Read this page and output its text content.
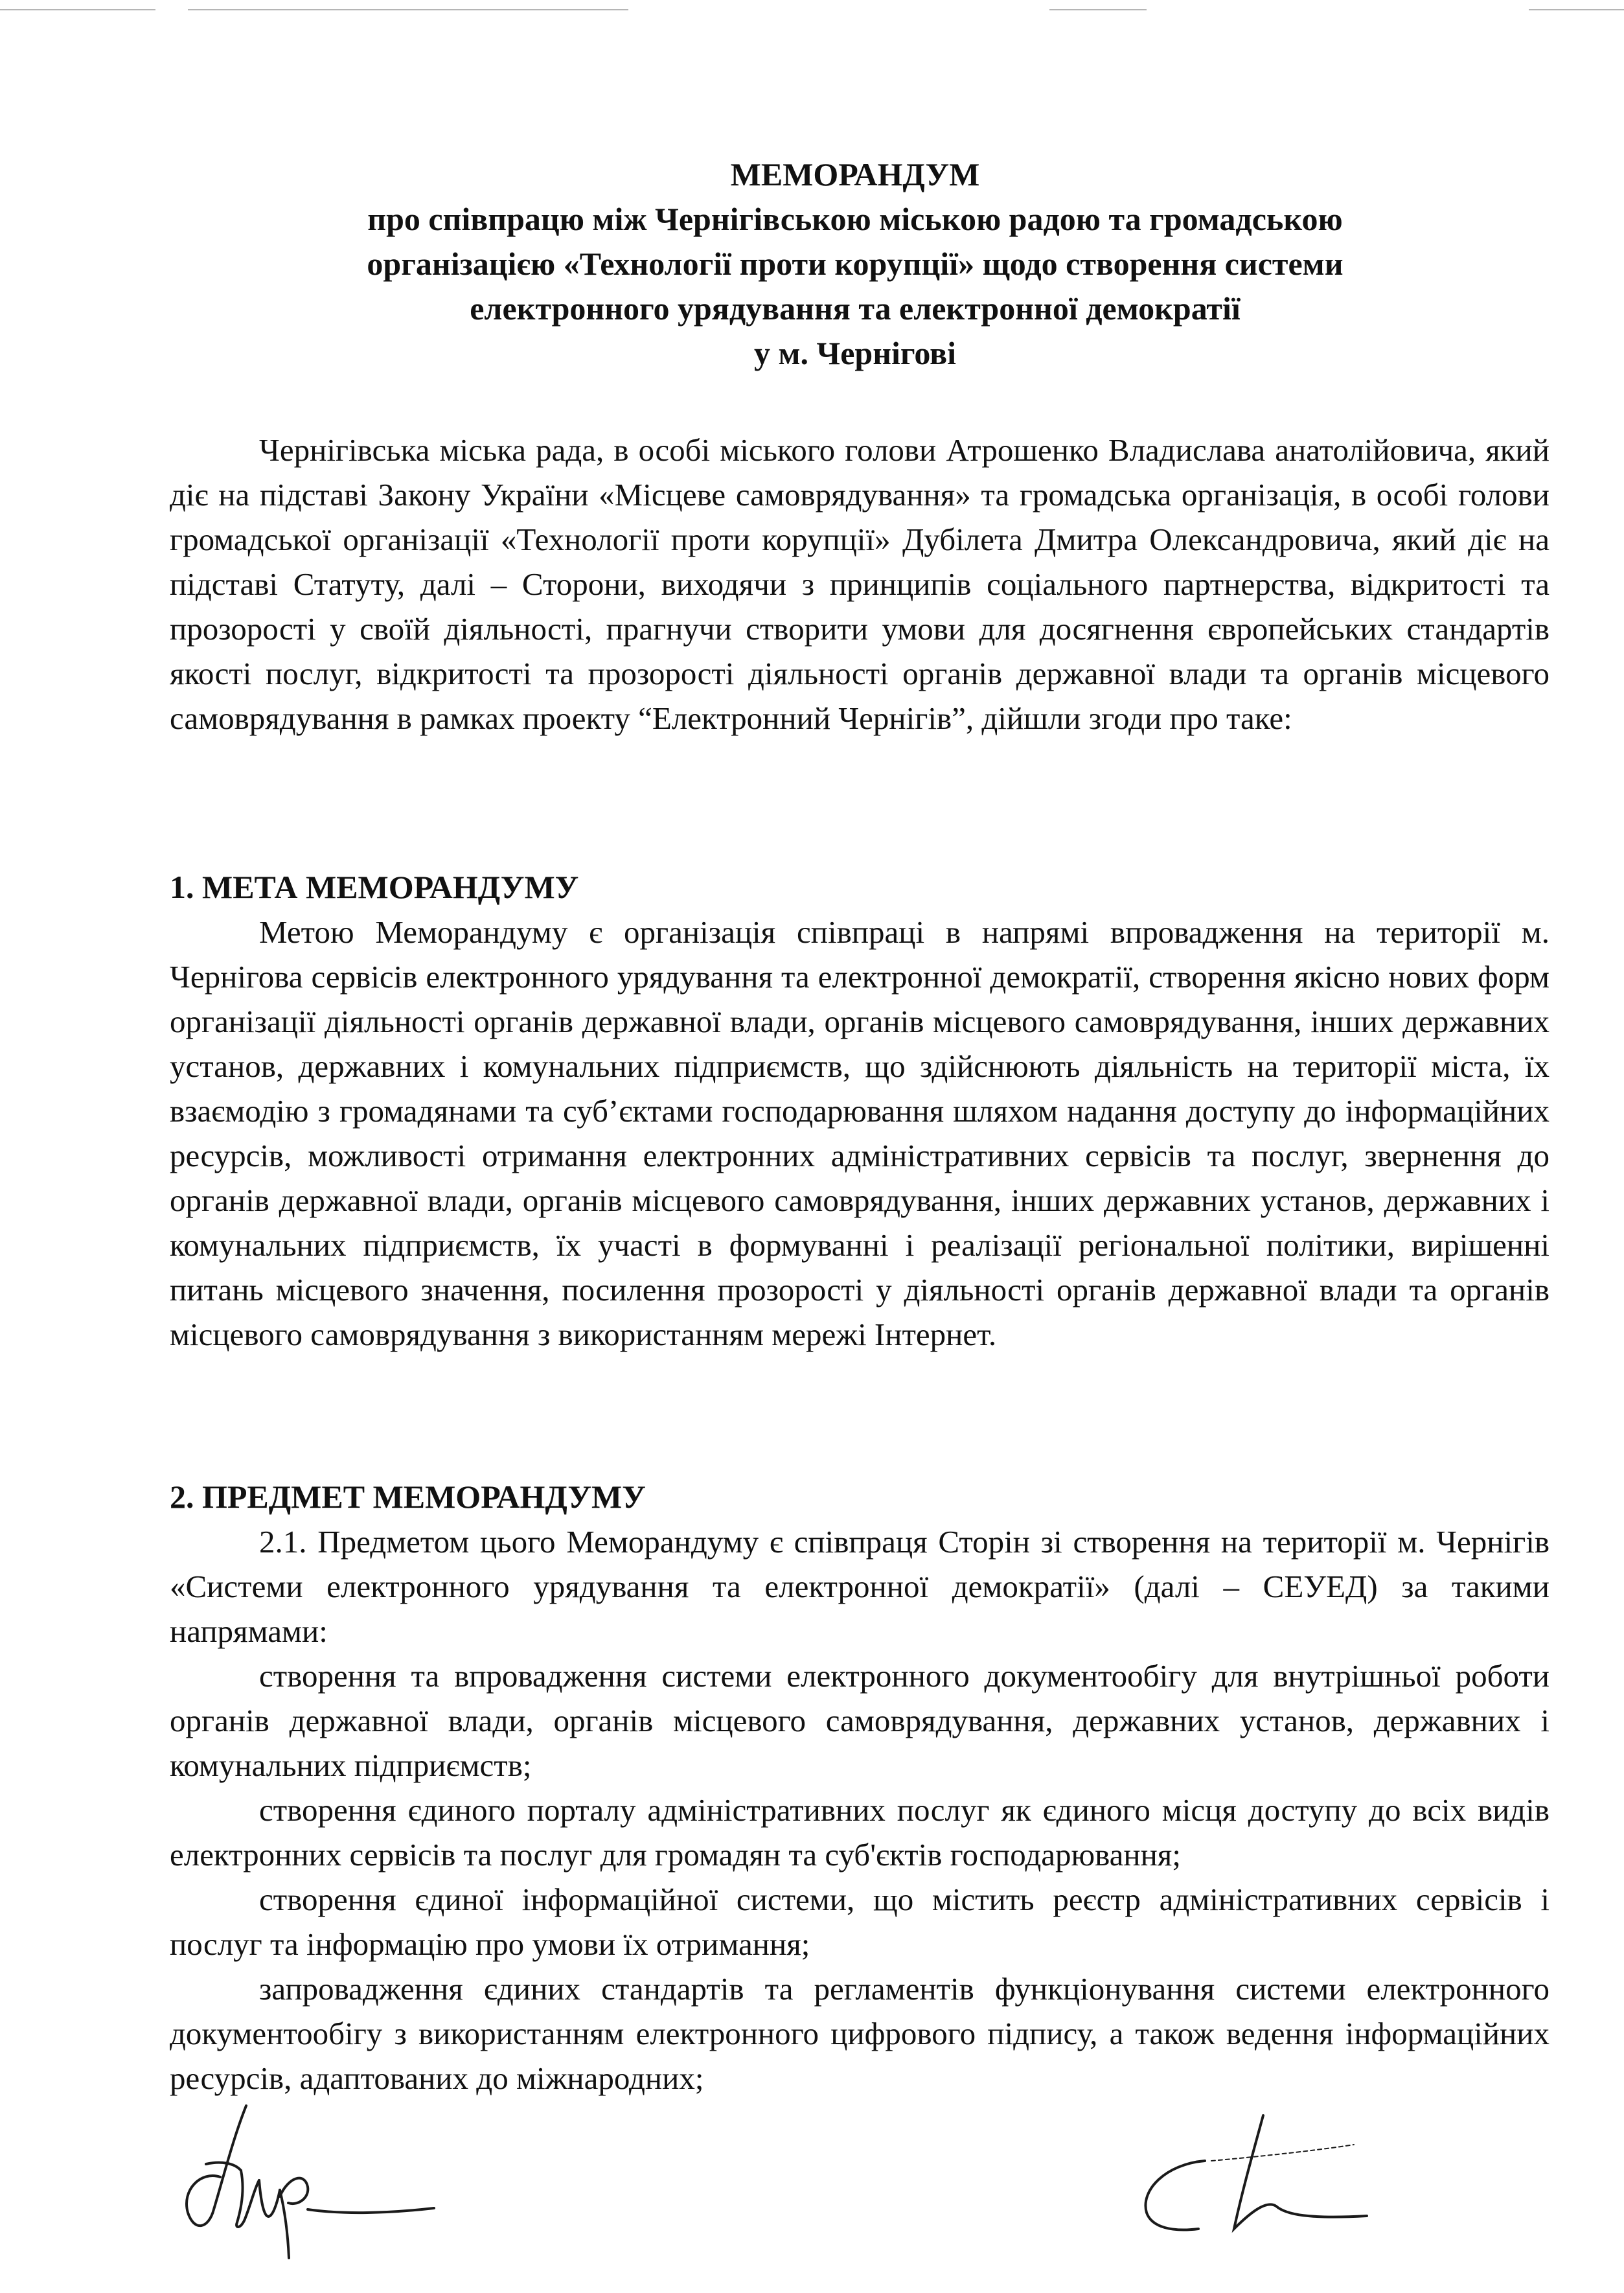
МЕМОРАНДУМ
про співпрацю між Чернігівською міською радою та громадською
організацією «Технології проти корупції» щодо створення системи
електронного урядування та електронної демократії
у м. Чернігові

Чернігівська міська рада, в особі міського голови Атрошенко Владислава анатолійовича, який діє на підставі Закону України «Місцеве самоврядування» та громадська організація, в особі голови громадської організації «Технології проти корупції» Дубілета Дмитра Олександровича, який діє на підставі Статуту, далі – Сторони, виходячи з принципів соціального партнерства, відкритості та прозорості у своїй діяльності, прагнучи створити умови для досягнення європейських стандартів якості послуг, відкритості та прозорості діяльності органів державної влади та органів місцевого самоврядування в рамках проекту “Електронний Чернігів”, дійшли згоди про таке:

1. МЕТА МЕМОРАНДУМУ

Метою Меморандуму є організація співпраці в напрямі впровадження на території м. Чернігова сервісів електронного урядування та електронної демократії, створення якісно нових форм організації діяльності органів державної влади, органів місцевого самоврядування, інших державних установ, державних і комунальних підприємств, що здійснюють діяльність на території міста, їх взаємодію з громадянами та суб’єктами господарювання шляхом надання доступу до інформаційних ресурсів, можливості отримання електронних адміністративних сервісів та послуг, звернення до органів державної влади, органів місцевого самоврядування, інших державних установ, державних і комунальних підприємств, їх участі в формуванні і реалізації регіональної політики, вирішенні питань місцевого значення, посилення прозорості у діяльності органів державної влади та органів місцевого самоврядування з використанням мережі Інтернет.

2. ПРЕДМЕТ МЕМОРАНДУМУ

2.1. Предметом цього Меморандуму є співпраця Сторін зі створення на території м. Чернігів «Системи електронного урядування та електронної демократії» (далі – СЕУЕД) за такими напрямами:

створення та впровадження системи електронного документообігу для внутрішньої роботи органів державної влади, органів місцевого самоврядування, державних установ, державних і комунальних підприємств;

створення єдиного порталу адміністративних послуг як єдиного місця доступу до всіх видів електронних сервісів та послуг для громадян та суб'єктів господарювання;

створення єдиної інформаційної системи, що містить реєстр адміністративних сервісів і послуг та інформацію про умови їх отримання;

запровадження єдиних стандартів та регламентів функціонування системи електронного документообігу з використанням електронного цифрового підпису, а також ведення інформаційних ресурсів, адаптованих до міжнародних;
